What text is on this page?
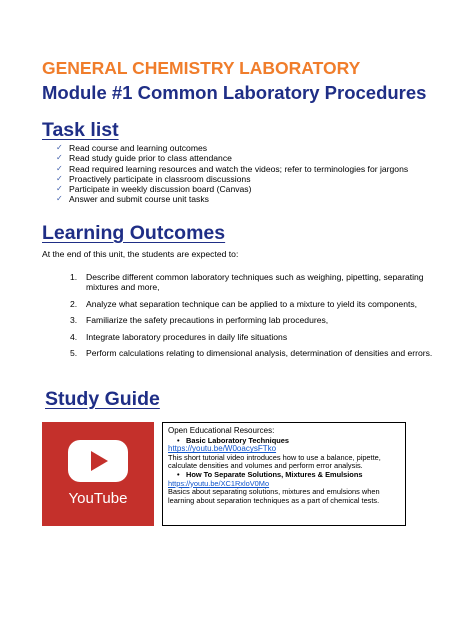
GENERAL CHEMISTRY LABORATORY
Module #1 Common Laboratory Procedures
Task list
✓ Read course and learning outcomes
✓ Read study guide prior to class attendance
✓ Read required learning resources and watch the videos; refer to terminologies for jargons
✓ Proactively participate in classroom discussions
✓ Participate in weekly discussion board (Canvas)
✓ Answer and submit course unit tasks
Learning Outcomes

At the end of this unit, the students are expected to:

1. Describe different common laboratory techniques such as weighing, pipetting, separating mixtures and more,
2. Analyze what separation technique can be applied to a mixture to yield its components,
3. Familiarize the safety precautions in performing lab procedures,
4. Integrate laboratory procedures in daily life situations
5. Perform calculations relating to dimensional analysis, determination of densities and errors.
Study Guide
YouTube

Open Educational Resources:

• Basic Laboratory Techniques

https://youtu.be/W0oacysFTko

This short tutorial video introduces how to use a balance, pipette, calculate densities and volumes and perform error analysis.

• How To Separate Solutions, Mixtures & Emulsions

https://youtu.be/XC1RxloV0Mo

Basics about separating solutions, mixtures and emulsions when learning about separation techniques as a part of chemical tests.
